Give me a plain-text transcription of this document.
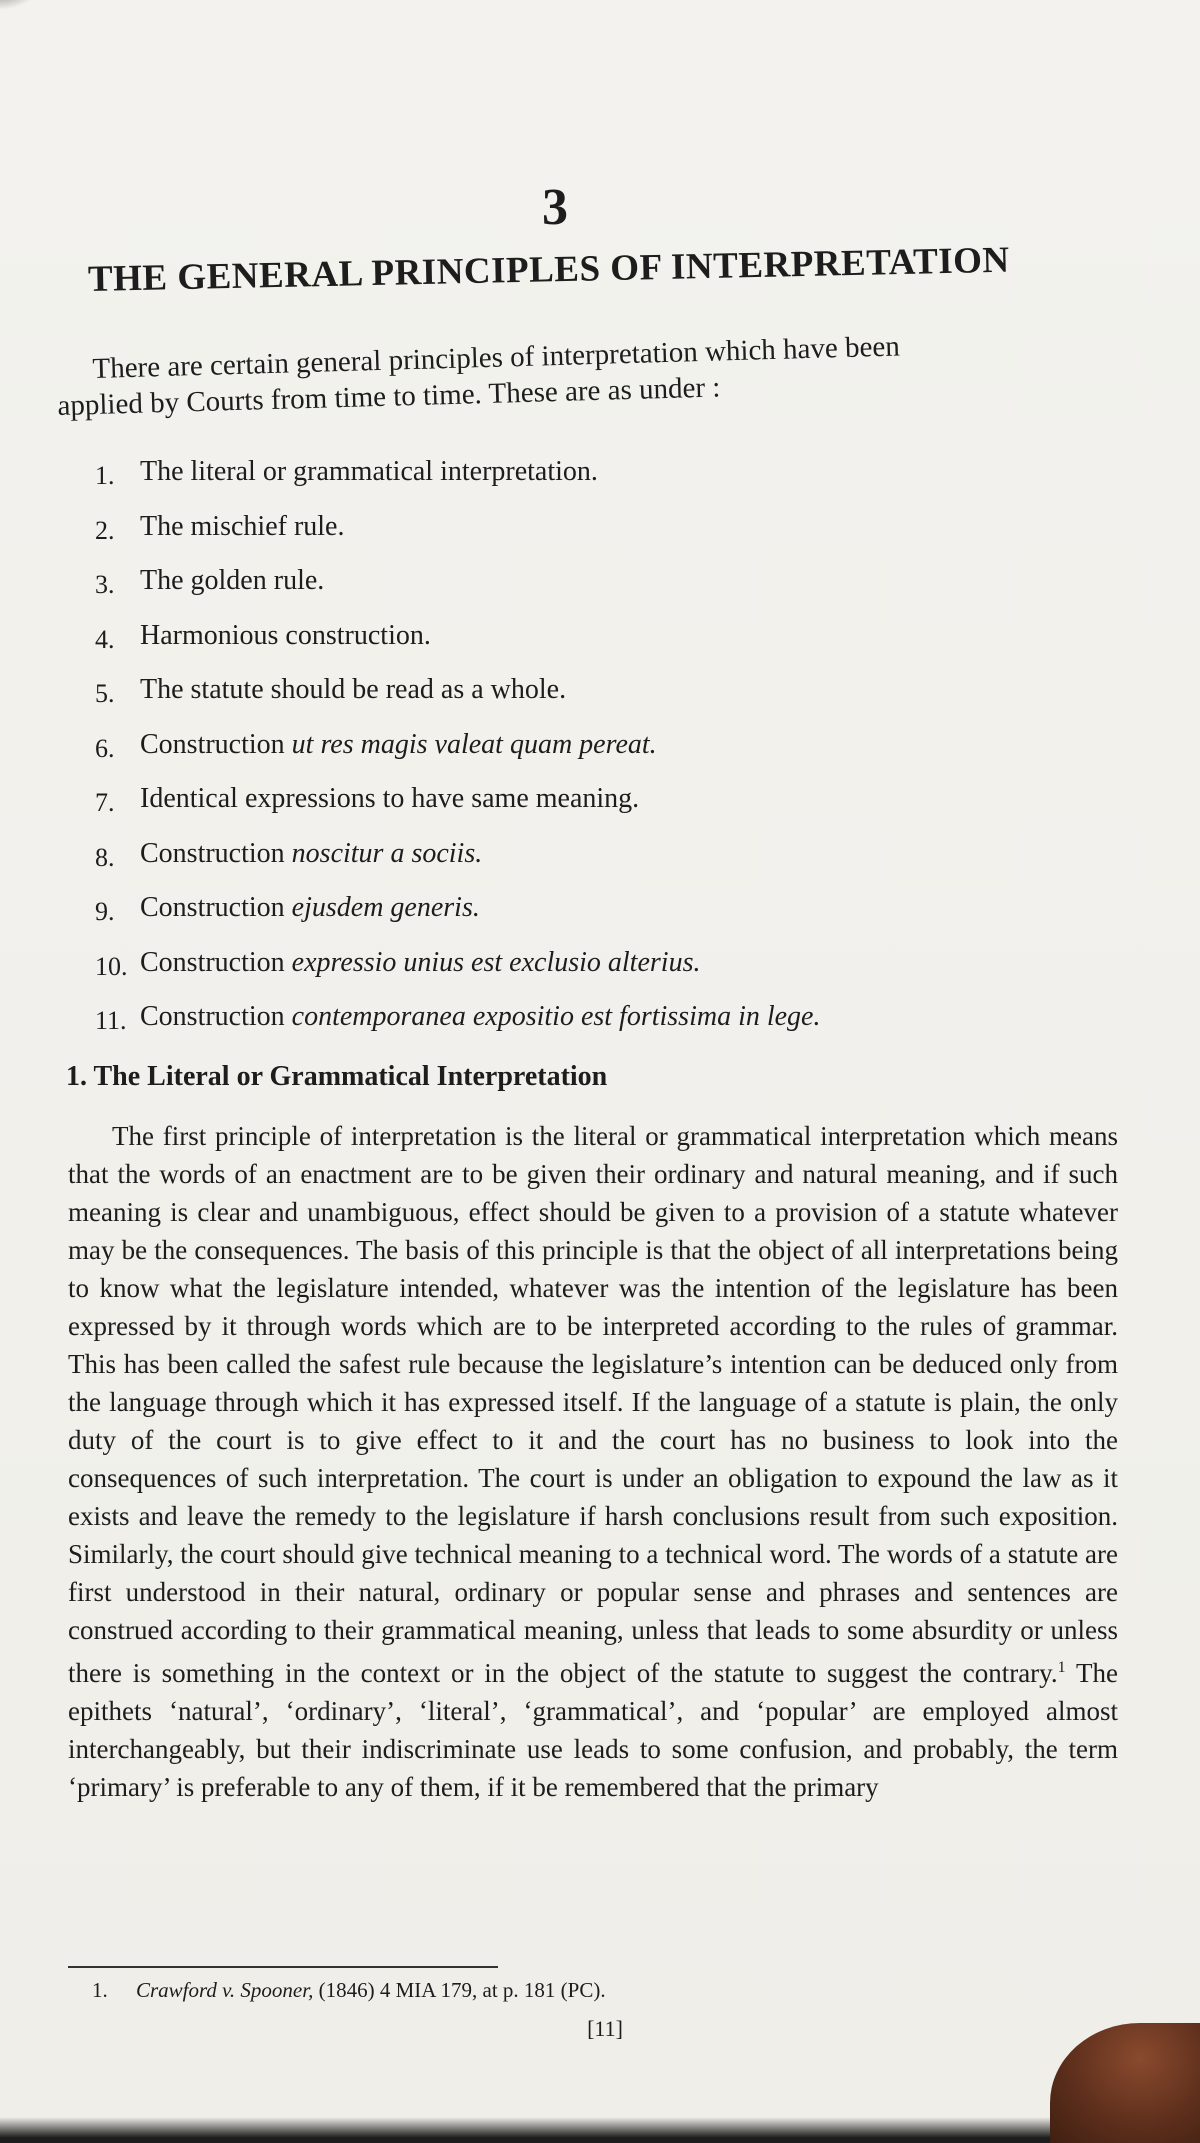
3
THE GENERAL PRINCIPLES OF INTERPRETATION

There are certain general principles of interpretation which have been

applied by Courts from time to time. These are as under :

1. The literal or grammatical interpretation.
2. The mischief rule.
3. The golden rule.
4. Harmonious construction.
5. The statute should be read as a whole.
6. Construction
ut res magis valeat quam pereat.
7. Identical expressions to have same meaning.
8. Construction
noscitur a sociis.
9. Construction
ejusdem generis.
10. Construction
expressio unius est exclusio alterius.
11. Construction
contemporanea expositio est fortissima in lege.
1. The Literal or Grammatical Interpretation

The first principle of interpretation is the literal or grammatical interpretation which means that the words of an enactment are to be given their ordinary and natural meaning, and if such meaning is clear and unambiguous, effect should be given to a provision of a statute whatever may be the consequences. The basis of this principle is that the object of all interpretations being to know what the legislature intended, whatever was the intention of the legislature has been expressed by it through words which are to be interpreted according to the rules of grammar. This has been called the safest rule because the legislature’s intention can be deduced only from the language through which it has expressed itself. If the language of a statute is plain, the only duty of the court is to give effect to it and the court has no business to look into the consequences of such interpretation. The court is under an obligation to expound the law as it exists and leave the remedy to the legislature if harsh conclusions result from such exposition. Similarly, the court should give technical meaning to a technical word. The words of a statute are first understood in their natural, ordinary or popular sense and phrases and sentences are construed according to their grammatical meaning, unless that leads to some absurdity or unless there is something in the context or in the object of the statute to suggest the contrary.$^1$ The epithets ‘natural’, ‘ordinary’, ‘literal’, ‘grammatical’, and ‘popular’ are employed almost interchangeably, but their indiscriminate use leads to some confusion, and probably, the term ‘primary’ is preferable to any of them, if it be remembered that the primary

1. Crawford v. Spooner, (1846) 4 MIA 179, at p. 181 (PC).
[11]
